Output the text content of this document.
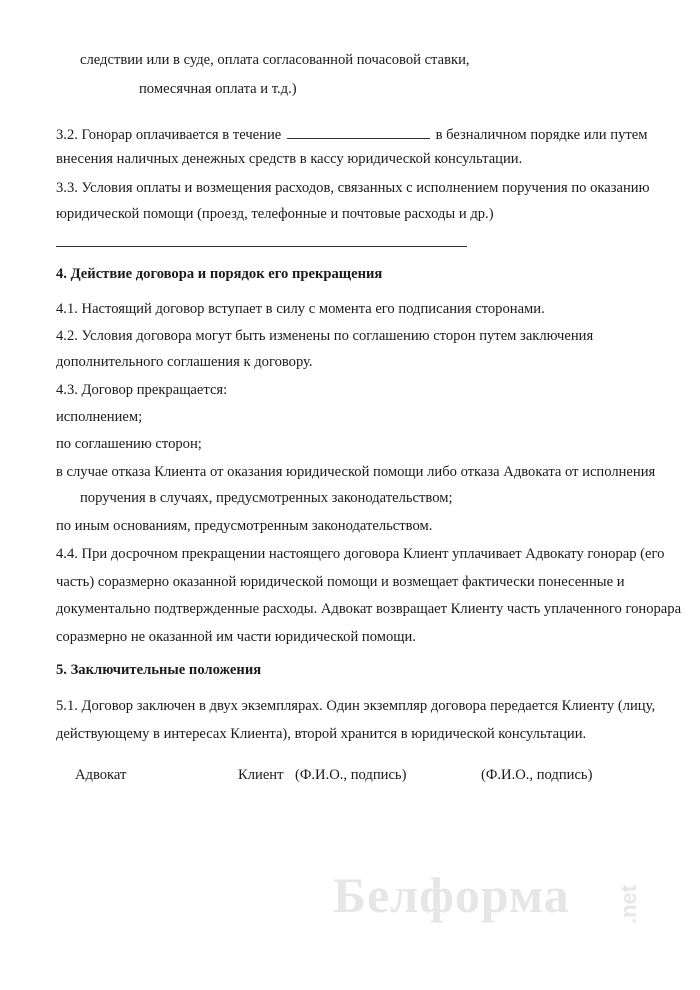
следствии или в суде, оплата согласованной почасовой ставки,
помесячная оплата и т.д.)
3.2. Гонорар оплачивается в течение	в безналичном порядке или путем
внесения наличных денежных средств в кассу юридической консультации.
3.3. Условия оплаты и возмещения расходов, связанных с исполнением поручения по оказанию
юридической помощи (проезд, телефонные и почтовые расходы и др.)
4. Действие договора и порядок его прекращения
4.1. Настоящий договор вступает в силу с момента его подписания сторонами.
4.2. Условия договора могут быть изменены по соглашению сторон путем заключения
дополнительного соглашения к договору.
4.3. Договор прекращается:
исполнением;
по соглашению сторон;
в случае отказа Клиента от оказания юридической помощи либо отказа Адвоката от исполнения
поручения в случаях, предусмотренных законодательством;
по иным основаниям, предусмотренным законодательством.
4.4. При досрочном прекращении настоящего договора Клиент уплачивает Адвокату гонорар (его
часть) соразмерно оказанной юридической помощи и возмещает фактически понесенные и
документально подтвержденные расходы. Адвокат возвращает Клиенту часть уплаченного гонорара
соразмерно не оказанной им части юридической помощи.
5. Заключительные положения
5.1. Договор заключен в двух экземплярах. Один экземпляр договора передается Клиенту (лицу,
действующему в интересах Клиента), второй хранится в юридической консультации.
Адвокат	Клиент (Ф.И.О., подпись)	(Ф.И.О., подпись)
Белформа .net
